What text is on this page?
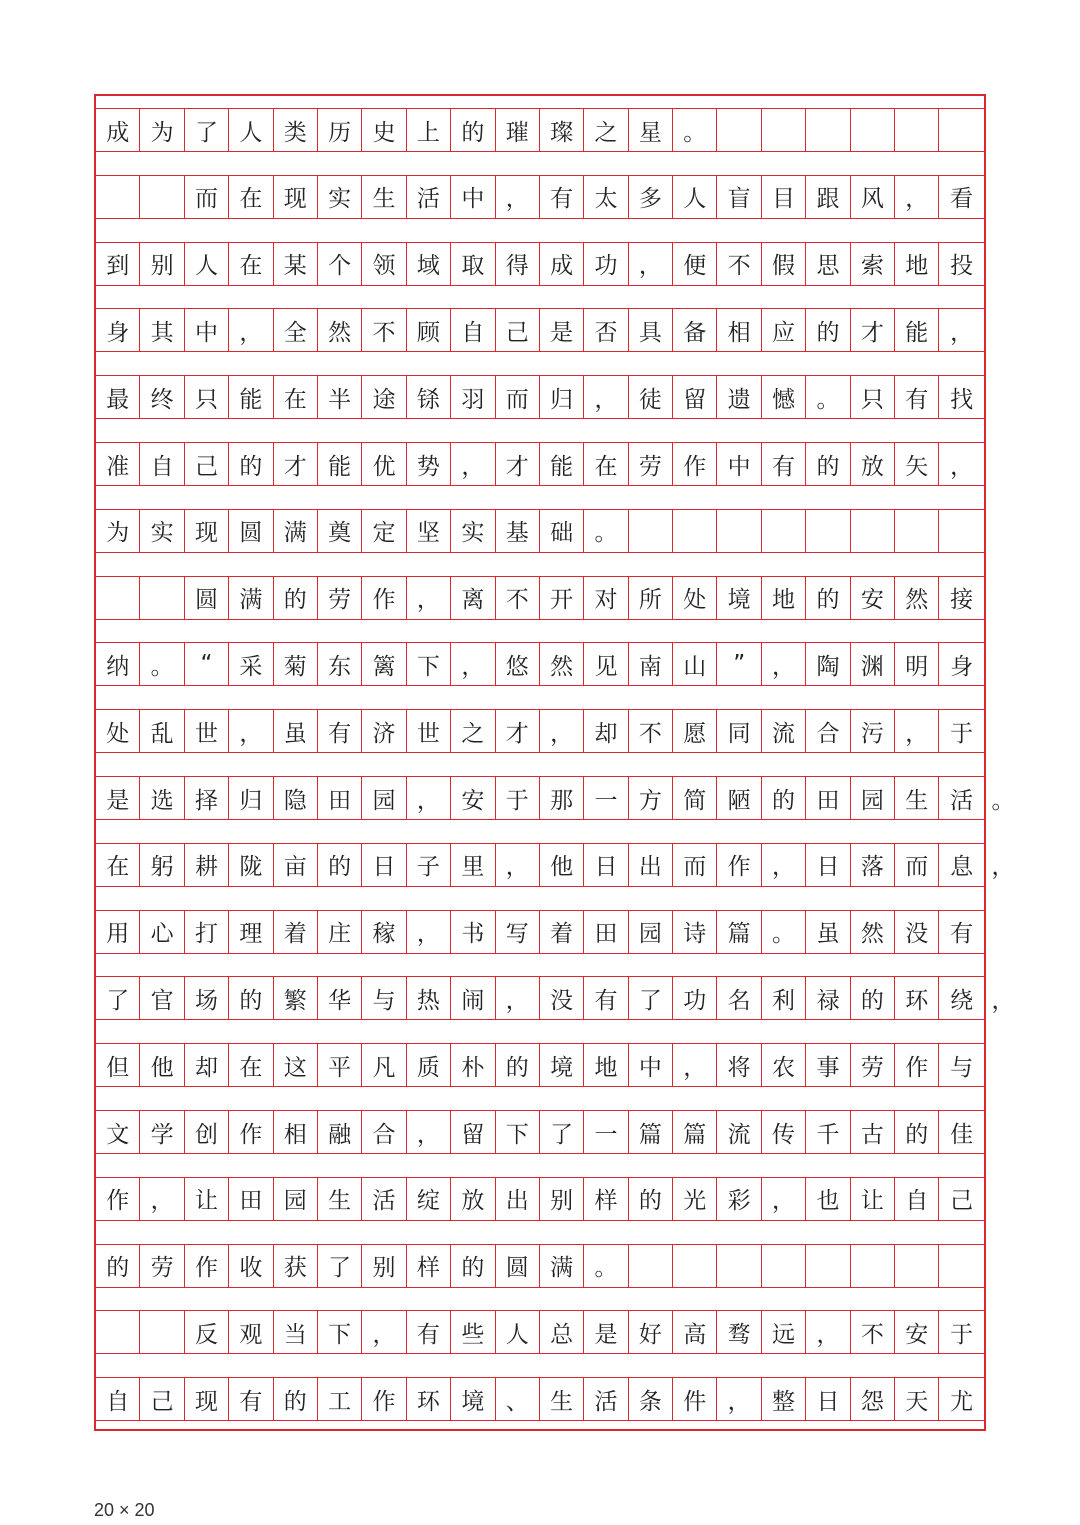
成 为 了 人 类 历 史 上 的 璀 璨 之 星 。
而 在 现 实 生 活 中 ， 有 太 多 人 盲 目 跟 风 ， 看
到 别 人 在 某 个 领 域 取 得 成 功 ， 便 不 假 思 索 地 投
身 其 中 ， 全 然 不 顾 自 己 是 否 具 备 相 应 的 才 能 ，
最 终 只 能 在 半 途 铩 羽 而 归 ， 徒 留 遗 憾 。 只 有 找
准 自 己 的 才 能 优 势 ， 才 能 在 劳 作 中 有 的 放 矢 ，
为 实 现 圆 满 奠 定 坚 实 基 础 。
圆 满 的 劳 作 ， 离 不 开 对 所 处 境 地 的 安 然 接
纳 。	“	采 菊 东 篱 下 ， 悠 然 见 南 山	”	， 陶 渊 明 身
处 乱 世 ， 虽 有 济 世 之 才 ， 却 不 愿 同 流 合 污 ， 于
是 选 择 归 隐 田 园 ， 安 于 那 一 方 简 陋 的 田 园 生 活
在 躬 耕 陇 亩 的 日 子 里 ， 他 日 出 而 作 ， 日 落 而 息
用 心 打 理 着 庄 稼 ， 书 写 着 田 园 诗 篇 。 虽 然 没 有
了 官 场 的 繁 华 与 热 闹 ， 没 有 了 功 名 利 禄 的 环 绕
但 他 却 在 这 平 凡 质 朴 的 境 地 中 ， 将 农 事 劳 作 与
文 学 创 作 相 融 合 ， 留 下 了 一 篇 篇 流 传 千 古 的 佳
作 ， 让 田 园 生 活 绽 放 出 别 样 的 光 彩 ， 也 让 自 己
的 劳 作 收 获 了 别 样 的 圆 满 。
反 观 当 下 ， 有 些 人 总 是 好 高 骛 远 ， 不 安 于
自 己 现 有 的 工 作 环 境 、 生 活 条 件 ， 整 日 怨 天 尤
。
，
，
20 × 20
